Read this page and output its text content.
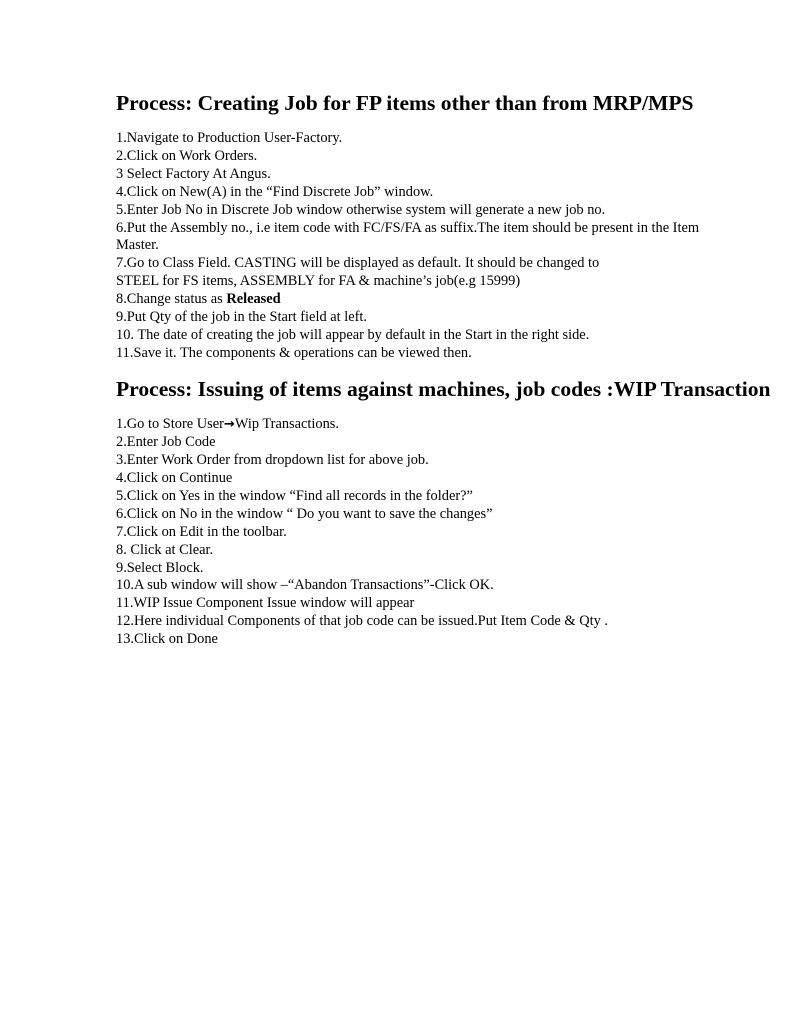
Process: Creating Job for FP items other than from MRP/MPS
1.Navigate to Production User-Factory.
2.Click on Work Orders.
3 Select Factory At Angus.
4.Click on New(A) in the “Find Discrete Job” window.
5.Enter Job No in Discrete Job window otherwise system will generate a new job no.
6.Put the Assembly no., i.e item code with FC/FS/FA as suffix.The item should be present in the Item Master.
7.Go to Class Field. CASTING will be displayed as default. It should be changed to STEEL for FS items, ASSEMBLY for FA & machine’s job(e.g 15999)
8.Change status as Released
9.Put Qty of the job in the Start field at left.
10. The date of creating the job will appear by default in the Start in the right side.
11.Save it. The components & operations can be viewed then.
Process: Issuing of items against machines, job codes :WIP Transaction
1.Go to Store User→Wip Transactions.
2.Enter Job Code
3.Enter Work Order from dropdown list for above job.
4.Click on Continue
5.Click on Yes in the window “Find all records in the folder?”
6.Click on No in the window “ Do you want to save the changes”
7.Click on Edit in the toolbar.
8. Click at Clear.
9.Select Block.
10.A sub window will show –“Abandon Transactions”-Click OK.
11.WIP Issue Component Issue window will appear
12.Here individual Components of that job code can be issued.Put Item Code & Qty .
13.Click on Done
